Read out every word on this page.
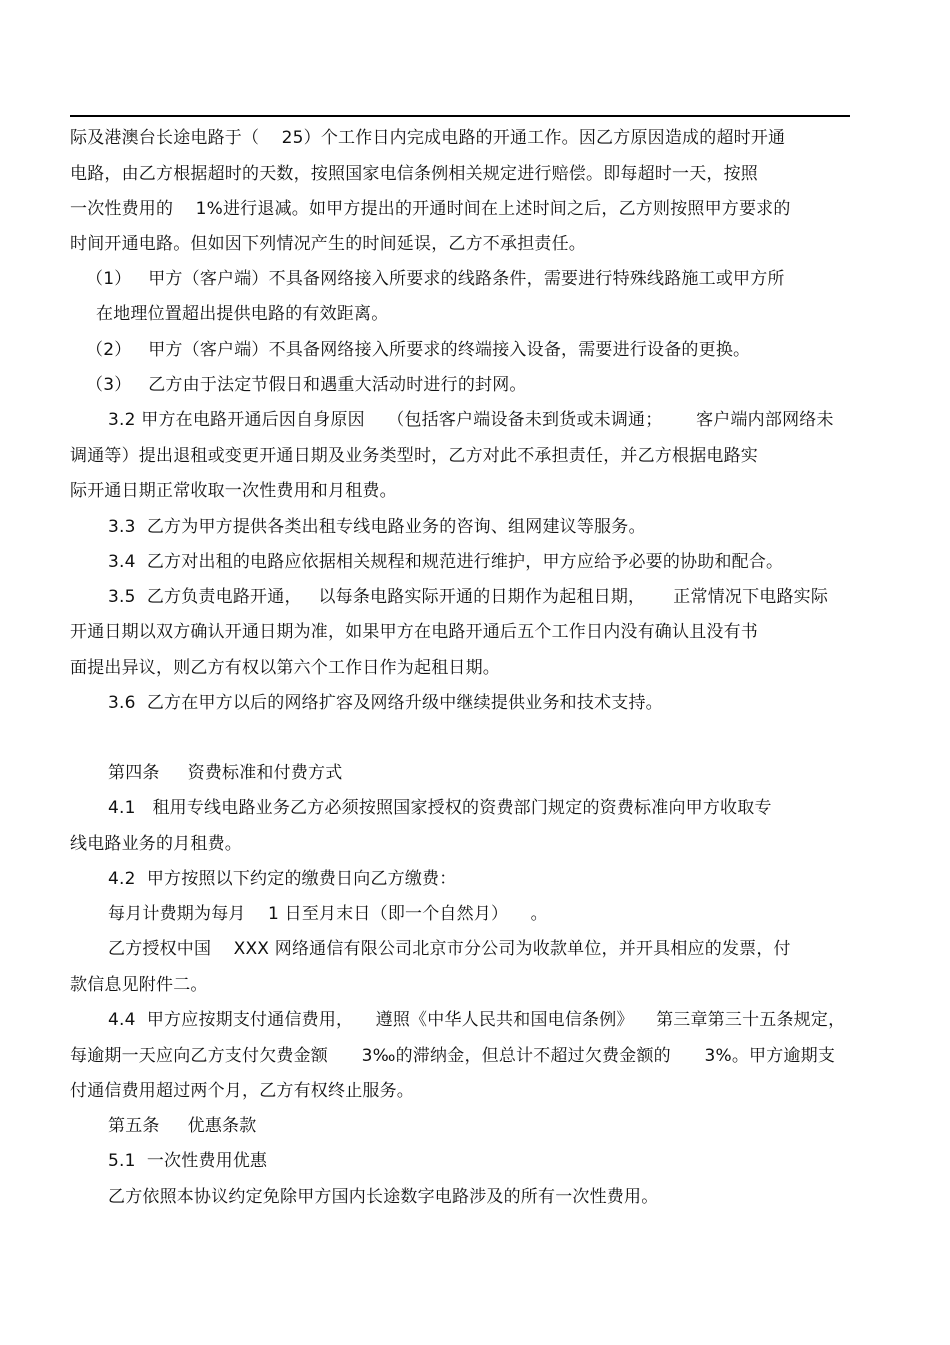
际及港澳台长途电路于（    25）个工作日内完成电路的开通工作。因乙方原因造成的超时开通
电路，由乙方根据超时的天数，按照国家电信条例相关规定进行赔偿。即每超时一天，按照
一次性费用的    1%进行退减。如甲方提出的开通时间在上述时间之后，乙方则按照甲方要求的
时间开通电路。但如因下列情况产生的时间延误，乙方不承担责任。
（1）   甲方（客户端）不具备网络接入所要求的线路条件，需要进行特殊线路施工或甲方所
在地理位置超出提供电路的有效距离。
（2）   甲方（客户端）不具备网络接入所要求的终端接入设备，需要进行设备的更换。
（3）   乙方由于法定节假日和遇重大活动时进行的封网。
3.2 甲方在电路开通后因自身原因    （包括客户端设备未到货或未调通；      客户端内部网络未
调通等）提出退租或变更开通日期及业务类型时，乙方对此不承担责任，并乙方根据电路实
际开通日期正常收取一次性费用和月租费。
3.3  乙方为甲方提供各类出租专线电路业务的咨询、组网建议等服务。
3.4  乙方对出租的电路应依据相关规程和规范进行维护，甲方应给予必要的协助和配合。
3.5  乙方负责电路开通，   以每条电路实际开通的日期作为起租日期，     正常情况下电路实际
开通日期以双方确认开通日期为准，如果甲方在电路开通后五个工作日内没有确认且没有书
面提出异议，则乙方有权以第六个工作日作为起租日期。
3.6  乙方在甲方以后的网络扩容及网络升级中继续提供业务和技术支持。
第四条     资费标准和付费方式
4.1   租用专线电路业务乙方必须按照国家授权的资费部门规定的资费标准向甲方收取专
线电路业务的月租费。
4.2  甲方按照以下约定的缴费日向乙方缴费：
每月计费期为每月    1 日至月末日（即一个自然月）    。
乙方授权中国    XXX 网络通信有限公司北京市分公司为收款单位，并开具相应的发票，付
款信息见附件二。
4.4  甲方应按期支付通信费用，    遵照《中华人民共和国电信条例》    第三章第三十五条规定，
每逾期一天应向乙方支付欠费金额      3‰的滞纳金，但总计不超过欠费金额的      3%。甲方逾期支
付通信费用超过两个月，乙方有权终止服务。
第五条     优惠条款
5.1  一次性费用优惠
乙方依照本协议约定免除甲方国内长途数字电路涉及的所有一次性费用。
